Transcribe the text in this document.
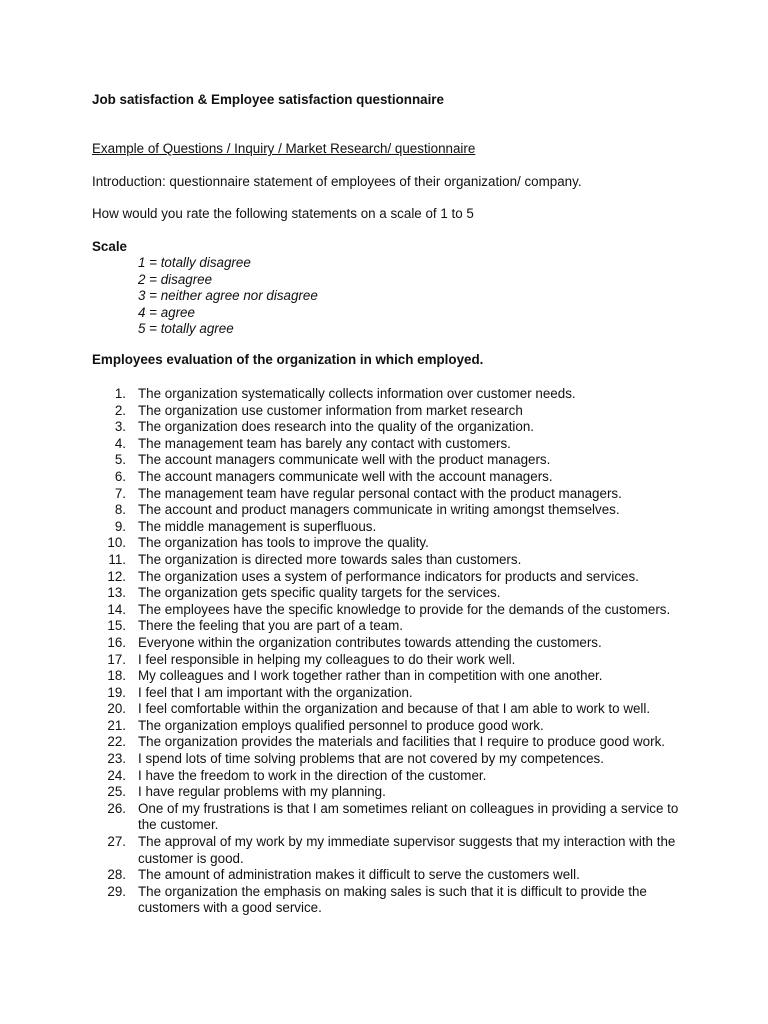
Job satisfaction & Employee satisfaction questionnaire
Example of Questions / Inquiry / Market Research/ questionnaire
Introduction: questionnaire statement of employees of their organization/ company.
How would you rate the following statements on a scale of 1 to 5
Scale
1 = totally disagree
2 = disagree
3 = neither agree nor disagree
4 = agree
5 = totally agree
Employees evaluation of the organization in which employed.
1. The organization systematically collects information over customer needs.
2. The organization use customer information from market research
3. The organization does research into the quality of the organization.
4. The management team has barely any contact with customers.
5. The account managers communicate well with the product managers.
6. The account managers communicate well with the account managers.
7. The management team have regular personal contact with the product managers.
8. The account and product managers communicate in writing amongst themselves.
9. The middle management is superfluous.
10. The organization has tools to improve the quality.
11. The organization is directed more towards sales than customers.
12. The organization uses a system of performance indicators for products and services.
13. The organization gets specific quality targets for the services.
14. The employees have the specific knowledge to provide for the demands of the customers.
15. There the feeling that you are part of a team.
16. Everyone within the organization contributes towards attending the customers.
17. I feel responsible in helping my colleagues to do their work well.
18. My colleagues and I work together rather than in competition with one another.
19. I feel that I am important with the organization.
20. I feel comfortable within the organization and because of that I am able to work to well.
21. The organization employs qualified personnel to produce good work.
22. The organization provides the materials and facilities that I require to produce good work.
23. I spend lots of time solving problems that are not covered by my competences.
24. I have the freedom to work in the direction of the customer.
25. I have regular problems with my planning.
26. One of my frustrations is that I am sometimes reliant on colleagues in providing a service to the customer.
27. The approval of my work by my immediate supervisor suggests that my interaction with the customer is good.
28. The amount of administration makes it difficult to serve the customers well.
29. The organization the emphasis on making sales is such that it is difficult to provide the customers with a good service.
